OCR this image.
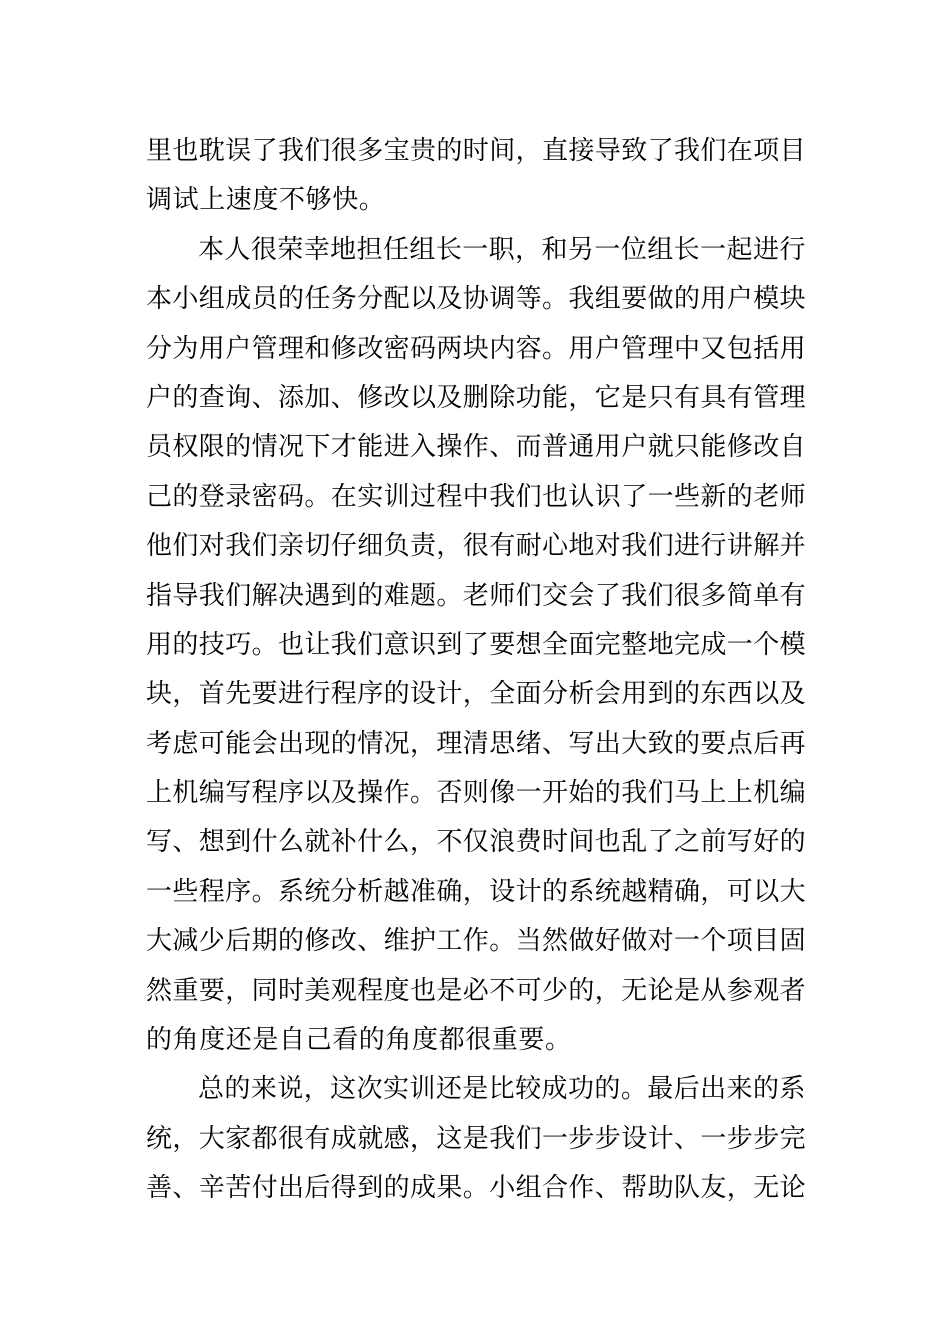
里也耽误了我们很多宝贵的时间，直接导致了我们在项目
调试上速度不够快。
本人很荣幸地担任组长一职，和另一位组长一起进行
本小组成员的任务分配以及协调等。我组要做的用户模块
分为用户管理和修改密码两块内容。用户管理中又包括用
户的查询、添加、修改以及删除功能，它是只有具有管理
员权限的情况下才能进入操作、而普通用户就只能修改自
己的登录密码。在实训过程中我们也认识了一些新的老师
他们对我们亲切仔细负责，很有耐心地对我们进行讲解并
指导我们解决遇到的难题。老师们交会了我们很多简单有
用的技巧。也让我们意识到了要想全面完整地完成一个模
块，首先要进行程序的设计，全面分析会用到的东西以及
考虑可能会出现的情况，理清思绪、写出大致的要点后再
上机编写程序以及操作。否则像一开始的我们马上上机编
写、想到什么就补什么，不仅浪费时间也乱了之前写好的
一些程序。系统分析越准确，设计的系统越精确，可以大
大减少后期的修改、维护工作。当然做好做对一个项目固
然重要，同时美观程度也是必不可少的，无论是从参观者
的角度还是自己看的角度都很重要。
总的来说，这次实训还是比较成功的。最后出来的系
统，大家都很有成就感，这是我们一步步设计、一步步完
善、辛苦付出后得到的成果。小组合作、帮助队友，无论
